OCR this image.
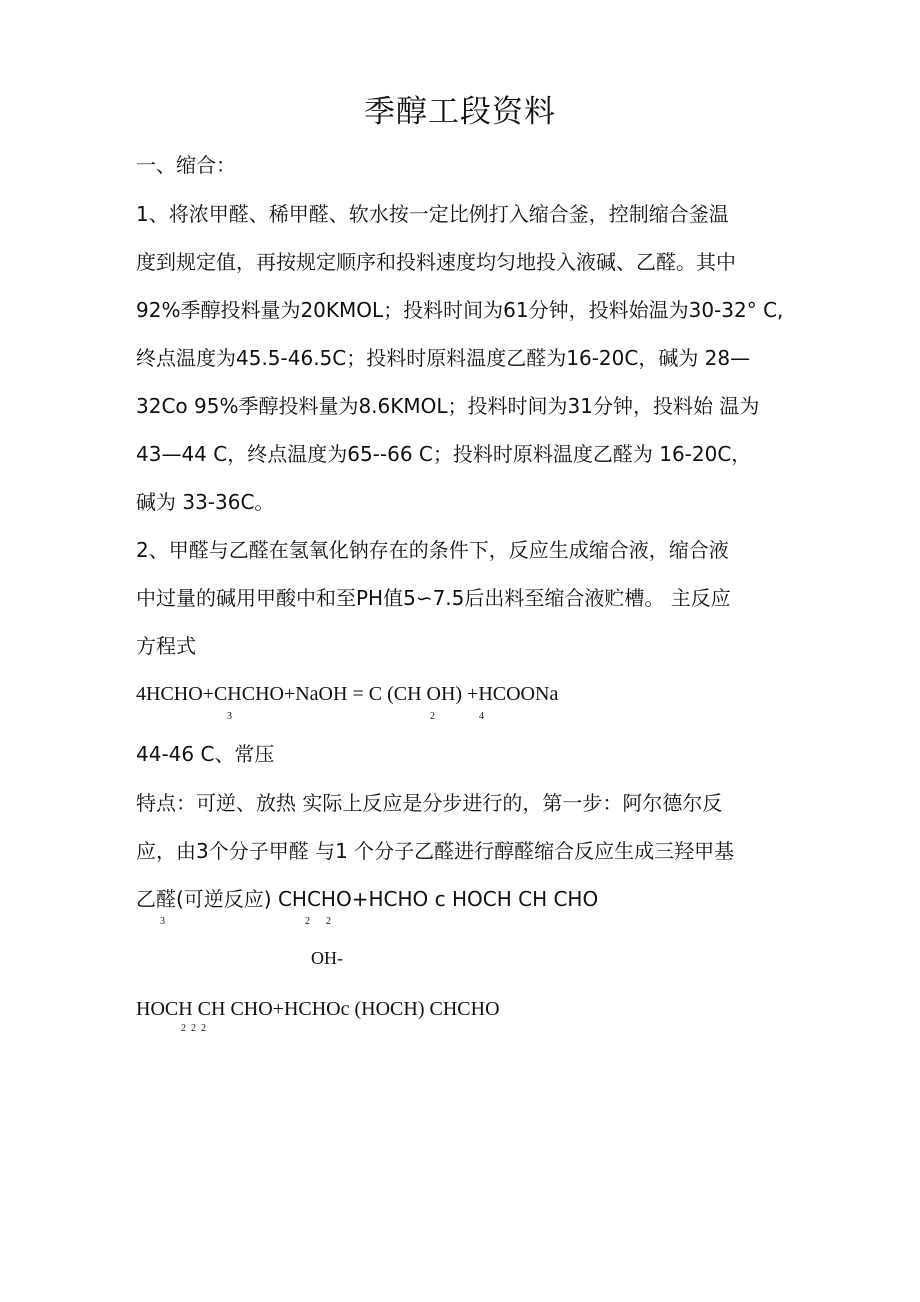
季醇工段资料
一、缩合：
1、将浓甲醛、稀甲醛、软水按一定比例打入缩合釜，控制缩合釜温
度到规定值，再按规定顺序和投料速度均匀地投入液碱、乙醛。其中
92%季醇投料量为20KMOL；投料时间为61分钟，投料始温为30-32° C,
终点温度为45.5-46.5C；投料时原料温度乙醛为16-20C，碱为 28—
32Co 95%季醇投料量为8.6KMOL；投料时间为31分钟，投料始 温为
43—44 C，终点温度为65--66 C；投料时原料温度乙醛为 16-20C，
碱为 33-36C。
2、甲醛与乙醛在氢氧化钠存在的条件下，反应生成缩合液，缩合液
中过量的碱用甲酸中和至PH值5∽7.5后出料至缩合液贮槽。 主反应
方程式
4HCHO+CHCHO+NaOH = C (CH OH) +HCOONa
3	2	4
44-46 C、常压
特点：可逆、放热 实际上反应是分步进行的，第一步：阿尔德尔反
应，由3个分子甲醛 与1 个分子乙醛进行醇醛缩合反应生成三羟甲基
乙醛(可逆反应) CHCHO+HCHO c HOCH CH CHO
3	2 2
OH-
HOCH CH CHO+HCHOc (HOCH) CHCHO
2 2 2
